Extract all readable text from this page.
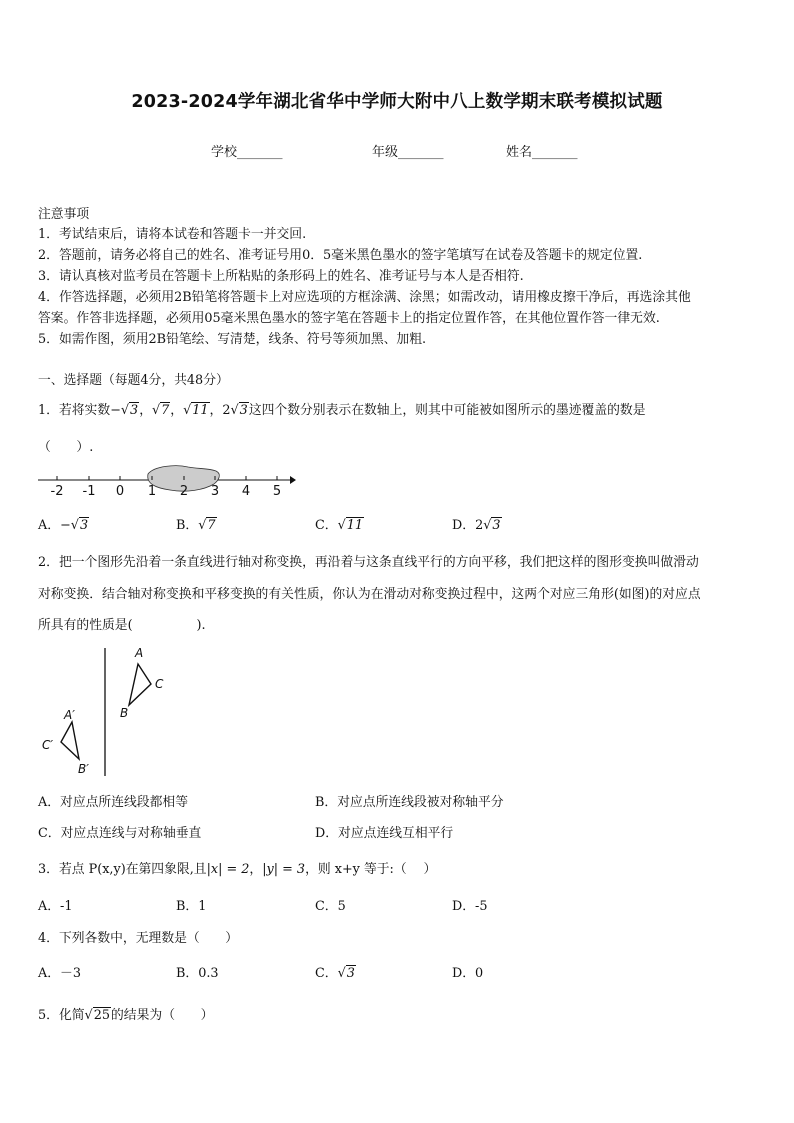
2023-2024学年湖北省华中学师大附中八上数学期末联考模拟试题
学校_______	年级_______	姓名_______
注意事项
1．考试结束后，请将本试卷和答题卡一并交回.
2．答题前，请务必将自己的姓名、准考证号用0．5毫米黑色墨水的签字笔填写在试卷及答题卡的规定位置.
3．请认真核对监考员在答题卡上所粘贴的条形码上的姓名、准考证号与本人是否相符.
4．作答选择题，必须用2B铅笔将答题卡上对应选项的方框涂满、涂黑；如需改动，请用橡皮擦干净后，再选涂其他
答案。作答非选择题，必须用05毫米黑色墨水的签字笔在答题卡上的指定位置作答，在其他位置作答一律无效.
5．如需作图，须用2B铅笔绘、写清楚，线条、符号等须加黑、加粗.
一、选择题（每题4分，共48分）
1．若将实数−√3，√7，√11，2√3这四个数分别表示在数轴上，则其中可能被如图所示的墨迹覆盖的数是
（　　）.
-2 -1 0 1 2 3 4 5
A．−√3	B．√7	C．√11	D．2√3
2．把一个图形先沿着一条直线进行轴对称变换，再沿着与这条直线平行的方向平移，我们把这样的图形变换叫做滑动
对称变换．结合轴对称变换和平移变换的有关性质，你认为在滑动对称变换过程中，这两个对应三角形(如图)的对应点
所具有的性质是(　　　　　).
A
C
B
A′
C′
B′
A．对应点所连线段都相等	B．对应点所连线段被对称轴平分
C．对应点连线与对称轴垂直	D．对应点连线互相平行
3．若点 P(x,y)在第四象限,且|x| = 2，|y| = 3，则 x+y 等于:（　 ）
A．-1	B．1	C．5	D．-5
4．下列各数中，无理数是（　　）
A．－3	B．0.3	C．√3	D．0
5．化简√25的结果为（　　）
